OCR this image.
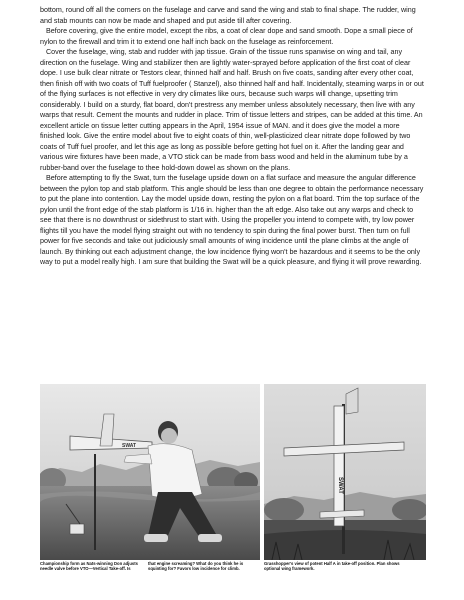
bottom, round off all the corners on the fuselage and carve and sand the wing and stab to final shape. The rudder, wing and stab mounts can now be made and shaped and put aside till after covering.

Before covering, give the entire model, except the ribs, a coat of clear dope and sand smooth. Dope a small piece of nylon to the firewall and trim it to extend one half inch back on the fuselage as reinforcement.

Cover the fuselage, wing, stab and rudder with jap tissue. Grain of the tissue runs spanwise on wing and tail, any direction on the fuselage. Wing and stabilizer then are lightly water-sprayed before application of the first coat of clear dope. I use bulk clear nitrate or Testors clear, thinned half and half. Brush on five coats, sanding after every other coat, then finish off with two coats of Tuff fuelproofer ( Stanzel), also thinned half and half. Incidentally, steaming warps in or out of the flying surfaces is not effective in very dry climates like ours, because such warps will change, upsetting trim considerably. I build on a sturdy, flat board, don't prestress any member unless absolutely necessary, then live with any warps that result. Cement the mounts and rudder in place. Trim of tissue letters and stripes, can be added at this time. An excellent article on tissue letter cutting appears in the April, 1954 issue of MAN. and it does give the model a more finished look. Give the entire model about five to eight coats of thin, well-plasticized clear nitrate dope followed by two coats of Tuff fuel proofer, and let this age as long as possible before getting hot fuel on it. After the landing gear and various wire fixtures have been made, a VTO stick can be made from bass wood and held in the aluminum tube by a rubber-band over the fuselage to thee hold-down dowel as shown on the plans.

Before attempting to fly the Swat, turn the fuselage upside down on a flat surface and measure the angular difference between the pylon top and stab platform. This angle should be less than one degree to obtain the performance necessary to put the plane into contention. Lay the model upside down, resting the pylon on a flat board. Trim the top surface of the pylon until the front edge of the stab platform is 1/16 in. higher than the aft edge. Also take out any warps and check to see that there is no downthrust or sidethrust to start with. Using the propeller you intend to compete with, try low power flights till you have the model flying straight out with no tendency to spin during the final power burst. Then turn on full power for five seconds and take out judiciously small amounts of wing incidence until the plane climbs at the angle of launch. By thinking out each adjustment change, the low incidence flying won't be hazardous and it seems to be the only way to put a model really high. I am sure that building the Swat will be a quick pleasure, and flying it will prove rewarding.

SWAT
SWAT
Championship form as Nats-winning Don adjusts needle valve before VTO—Vertical Take-off. Is
that engine screaming? What do you think he is squinting for? Favors low incidence for climb.
Grasshopper's view of potent Half A in take-off position. Plan shows optional wing framework.
